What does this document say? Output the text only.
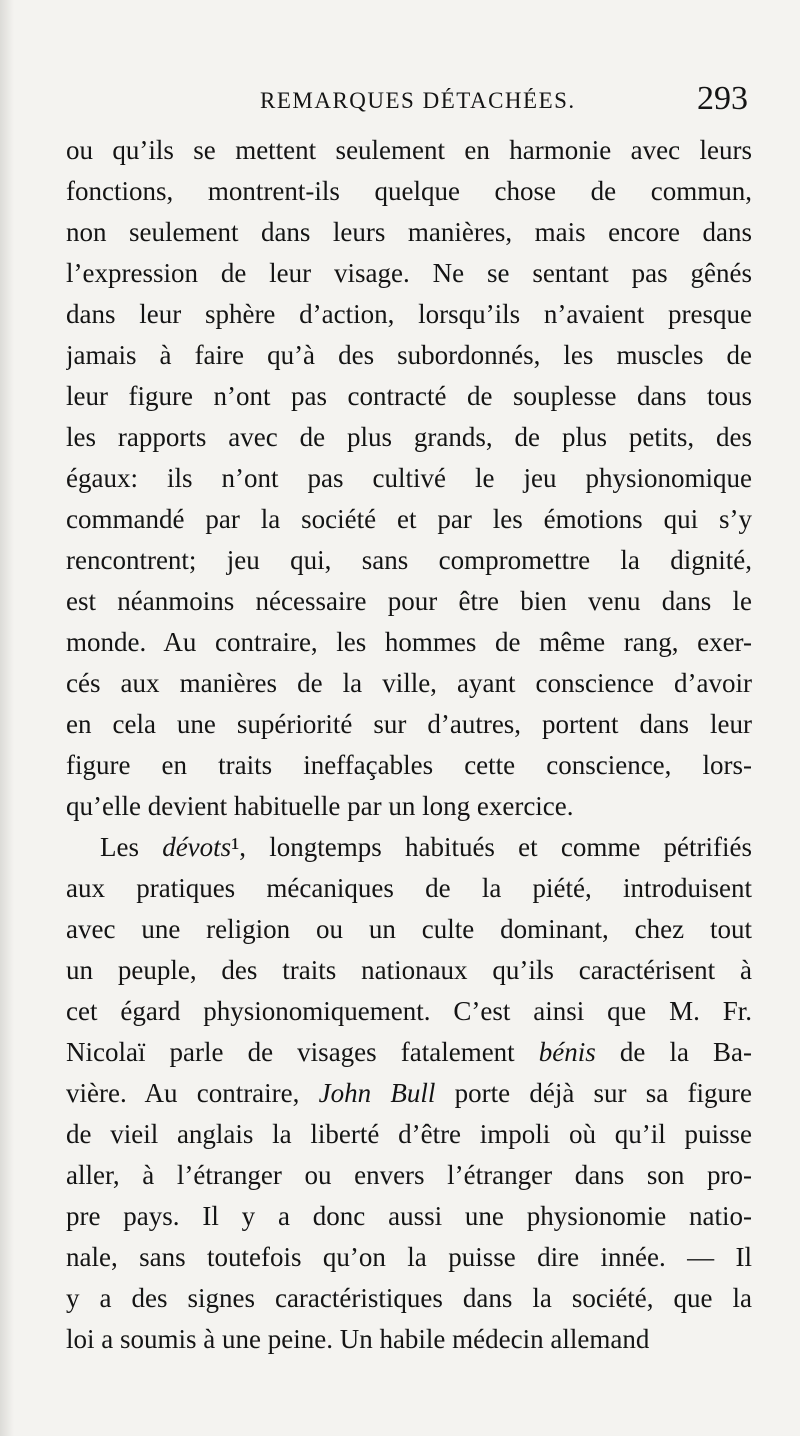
REMARQUES DÉTACHÉES.	293
ou qu’ils se mettent seulement en harmonie avec leurs
fonctions, montrent-ils quelque chose de commun,
non seulement dans leurs manières, mais encore dans
l’expression de leur visage. Ne se sentant pas gênés
dans leur sphère d’action, lorsqu’ils n’avaient presque
jamais à faire qu’à des subordonnés, les muscles de
leur figure n’ont pas contracté de souplesse dans tous
les rapports avec de plus grands, de plus petits, des
égaux: ils n’ont pas cultivé le jeu physionomique
commandé par la société et par les émotions qui s’y
rencontrent; jeu qui, sans compromettre la dignité,
est néanmoins nécessaire pour être bien venu dans le
monde. Au contraire, les hommes de même rang, exer-
cés aux manières de la ville, ayant conscience d’avoir
en cela une supériorité sur d’autres, portent dans leur
figure en traits ineffaçables cette conscience, lors-
qu’elle devient habituelle par un long exercice.
Les dévots¹, longtemps habitués et comme pétrifiés
aux pratiques mécaniques de la piété, introduisent
avec une religion ou un culte dominant, chez tout
un peuple, des traits nationaux qu’ils caractérisent à
cet égard physionomiquement. C’est ainsi que M. Fr.
Nicolaï parle de visages fatalement bénis de la Ba-
vière. Au contraire, John Bull porte déjà sur sa figure
de vieil anglais la liberté d’être impoli où qu’il puisse
aller, à l’étranger ou envers l’étranger dans son pro-
pre pays. Il y a donc aussi une physionomie natio-
nale, sans toutefois qu’on la puisse dire innée. — Il
y a des signes caractéristiques dans la société, que la
loi a soumis à une peine. Un habile médecin allemand
